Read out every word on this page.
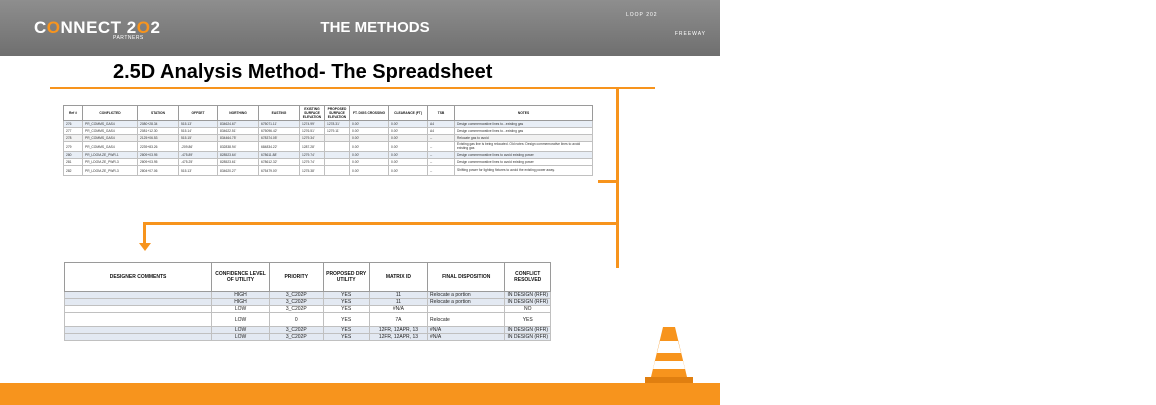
CONNECT 2O2
PARTNERS
THE METHODS
LOOP 202
South Mountain
FREEWAY
2.5D Analysis Method- The Spreadsheet
Ref #	CONFLICTED	STATION	OFFSET	NORTHING	EASTING	EXISTING SURFACE ELEVATION	PROPOSED SURFACE ELEVATION	FT. DIGS CROSSING	CLEARANCE (FT)	TSB	NOTES
276	PR_COMMS_GAS4	2080+28.34	515.13'	834624.67'	675071.11'	1274.99'	1278.31'	0.00'	0.00'	A4	Design commemorative lines to...existing gas
277	PR_COMMS_GAS4	2081+12.30	515.14'	834622.51'	675096.42'	1276.51'	1279.11'	0.00'	0.00'	A4	Design commemorative lines to...existing gas
278	PR_COMMS_GAS4	2125+06.53	515.15'	834464.75'	678374.05'	1279.34'		0.00'	0.00'	--	Relocate gas to avoid
279	PR_COMMS_GAS4	2239+83.26	-209.86'	832838.94'	684834.22'	1287.28'		0.00'	0.00'	--	Existing gas line is being relocated. Old notes: Design commemorative lines to avoid existing gas
280	PR_LDOM-ZE_PWR-1	2809+03.95	-475.89'	828523.64'	678611.88'	1279.74'		0.00'	0.00'	--	Design commemorative lines to avoid existing power
281	PR_LDOM-ZE_PWR-3	2809+03.95	-475.25'	828523.61'	678612.32'	1279.74'		0.00'	0.00'	--	Design commemorative lines to avoid existing power
282	PR_LDOM-ZE_PWR-3	2804+07.06	515.13'	834620.27'	675479.00'	1275.38'		0.00'	0.00'	--	Shifting power for lighting fixtures to avoid the existing power away.
DESIGNER COMMENTS	CONFIDENCE LEVEL OF UTILITY	PRIORITY	PROPOSED DRY UTILITY	MATRIX ID	FINAL DISPOSITION	CONFLICT RESOLVED
	HIGH	3_C202P	YES	11	Relocate a portion	IN DESIGN (RFR)
	HIGH	3_C202P	YES	11	Relocate a portion	IN DESIGN (RFR)
	LOW	3_C202P	YES	#N/A		NO
	LOW	0	YES	7A	Relocate	YES
	LOW	3_C202P	YES	12FR, 12APR, 13	#N/A	IN DESIGN (RFR)
	LOW	3_C202P	YES	12FR, 12APR, 13	#N/A	IN DESIGN (RFR)
